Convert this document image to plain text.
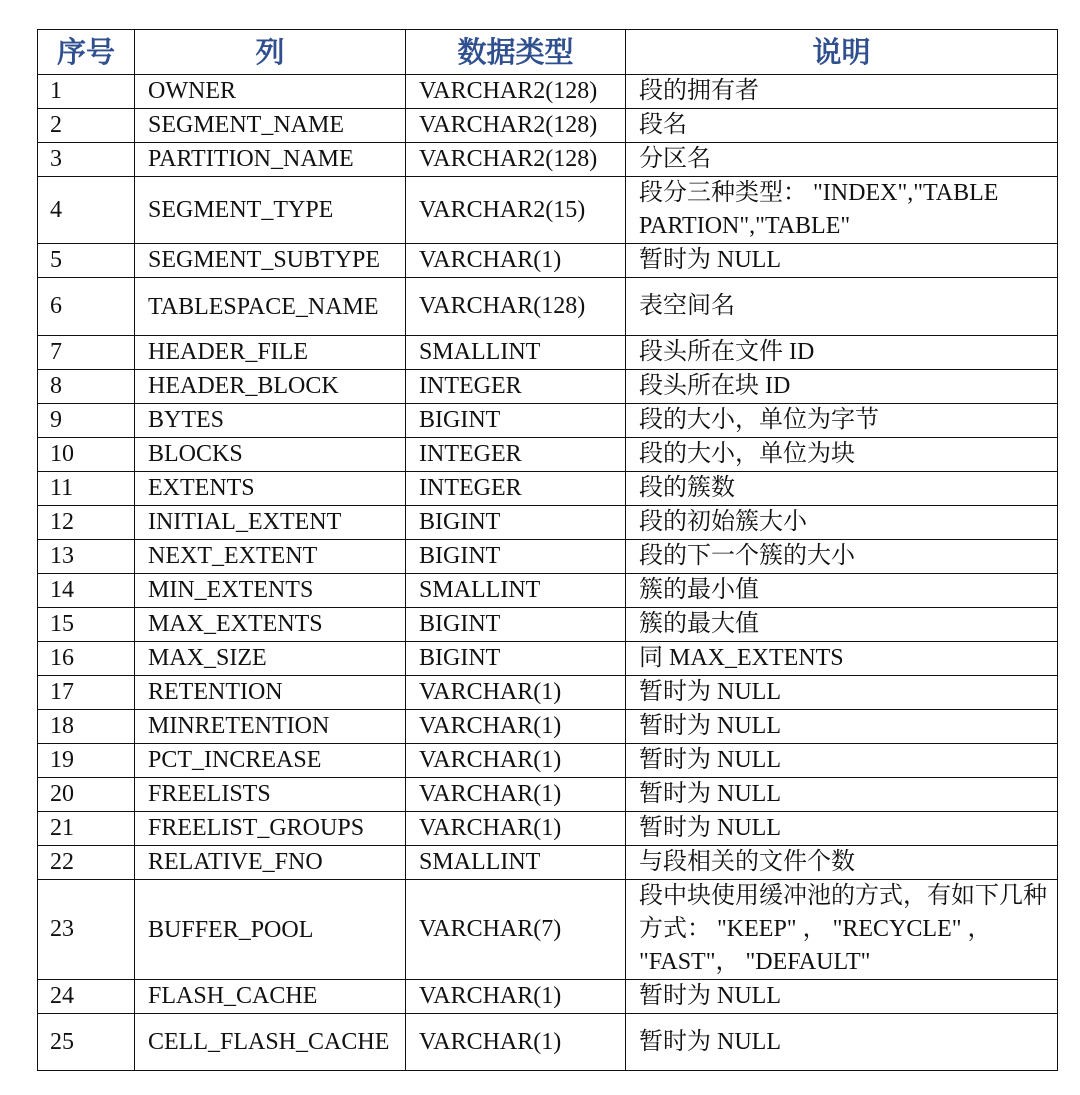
序号	列	数据类型	说明
1	OWNER	VARCHAR2(128)	段的拥有者
2	SEGMENT_NAME	VARCHAR2(128)	段名
3	PARTITION_NAME	VARCHAR2(128)	分区名
4	SEGMENT_TYPE	VARCHAR2(15)	段分三种类型： "INDEX","TABLE PARTION","TABLE"
5	SEGMENT_SUBTYPE	VARCHAR(1)	暂时为 NULL
6	TABLESPACE_NAME	VARCHAR(128)	表空间名
7	HEADER_FILE	SMALLINT	段头所在文件 ID
8	HEADER_BLOCK	INTEGER	段头所在块 ID
9	BYTES	BIGINT	段的大小，单位为字节
10	BLOCKS	INTEGER	段的大小，单位为块
11	EXTENTS	INTEGER	段的簇数
12	INITIAL_EXTENT	BIGINT	段的初始簇大小
13	NEXT_EXTENT	BIGINT	段的下一个簇的大小
14	MIN_EXTENTS	SMALLINT	簇的最小值
15	MAX_EXTENTS	BIGINT	簇的最大值
16	MAX_SIZE	BIGINT	同 MAX_EXTENTS
17	RETENTION	VARCHAR(1)	暂时为 NULL
18	MINRETENTION	VARCHAR(1)	暂时为 NULL
19	PCT_INCREASE	VARCHAR(1)	暂时为 NULL
20	FREELISTS	VARCHAR(1)	暂时为 NULL
21	FREELIST_GROUPS	VARCHAR(1)	暂时为 NULL
22	RELATIVE_FNO	SMALLINT	与段相关的文件个数
23	BUFFER_POOL	VARCHAR(7)	段中块使用缓冲池的方式，有如下几种方式： "KEEP" ， "RECYCLE" ， "FAST"， "DEFAULT"
24	FLASH_CACHE	VARCHAR(1)	暂时为 NULL
25	CELL_FLASH_CACHE	VARCHAR(1)	暂时为 NULL
